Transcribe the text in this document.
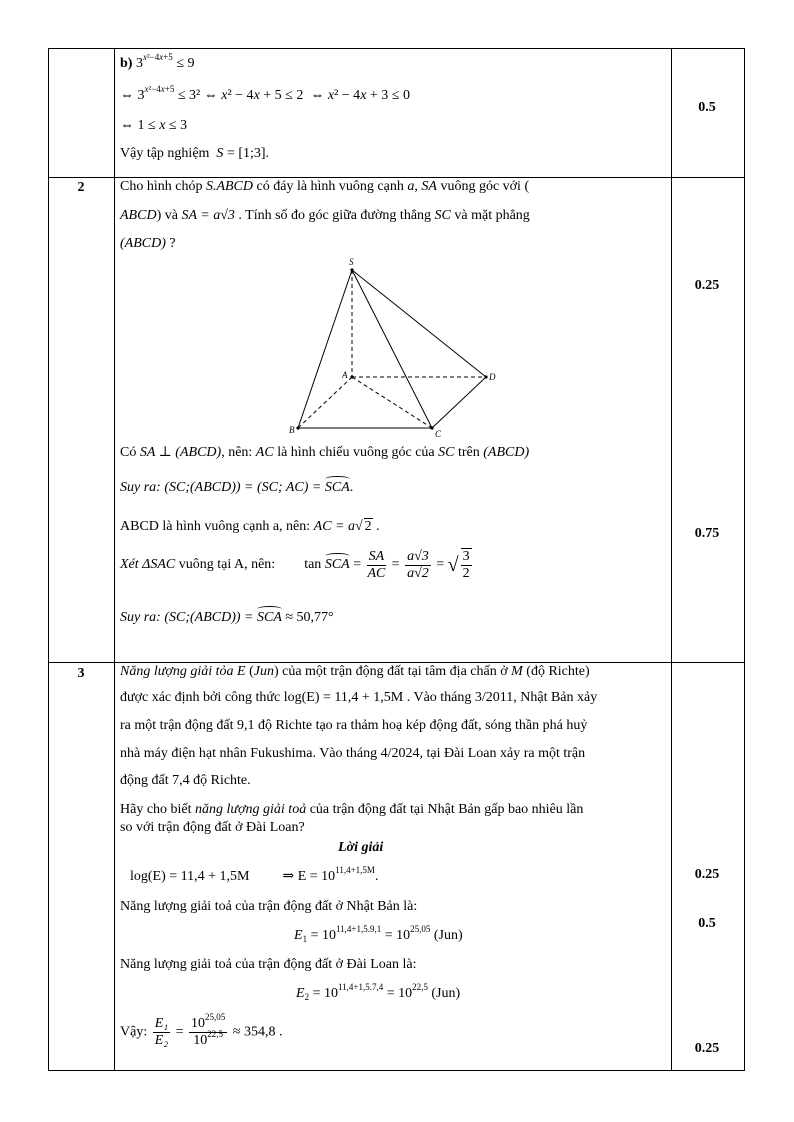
0.5
b) $3^{x^2-4x+5} \le 9$
⇔ $3^{x^2-4x+5} \le 3^2$ ⇔ x² − 4x + 5 ≤ 2  ⇔ x² − 4x + 3 ≤ 0
⇔ 1 ≤ x ≤ 3
Vậy tập nghiệm  S = [1;3].
2
0.25
0.75
Cho hình chóp S.ABCD có đáy là hình vuông cạnh a, SA vuông góc với (
ABCD) và SA = a√3 . Tính số đo góc giữa đường thẳng SC và mặt phẳng
(ABCD) ?
S
A
B	C
D
Có SA ⊥ (ABCD), nên: AC là hình chiếu vuông góc của SC trên (ABCD)
Suy ra: (SC;(ABCD)) = (SC; AC) = SCA.
ABCD là hình vuông cạnh a, nên: AC = a√ 2 .
Xét ΔSAC vuông tại A, nên: tan SCA = $\frac{SA}{AC} = \frac{a√3}{a√2}$ = √ $\frac{3}{2}$
Suy ra: (SC;(ABCD)) = SCA ≈ 50,77°
3
0.25
0.5
0.25
Năng lượng giải tỏa E (Jun) của một trận động đất tại tâm địa chấn ở M (độ Richte)
được xác định bởi công thức log(E) = 11,4 + 1,5M . Vào tháng 3/2011, Nhật Bản xảy
ra một trận động đất 9,1 độ Richte tạo ra thảm hoạ kép động đất, sóng thần phá huỷ
nhà máy điện hạt nhân Fukushima. Vào tháng 4/2024, tại Đài Loan xảy ra một trận
động đất 7,4 độ Richte.
Hãy cho biết năng lượng giải toả của trận động đất tại Nhật Bản gấp bao nhiêu lần
so với trận động đất ở Đài Loan?
Lời giải
log(E) = 11,4 + 1,5M ⇒ $E = 10^{11,4+1,5M}$.
Năng lượng giải toả của trận động đất ở Nhật Bản là:
$E_1 = 10^{11,4+1,5.9,1} = 10^{25,05}$ (Jun)
Năng lượng giải toả của trận động đất ở Đài Loan là:
$E_2 = 10^{11,4+1,5.7,4} = 10^{22,5}$ (Jun)
Vậy: $\frac{\text{E₁}}{\text{E₂}} = \frac{10^{25,05}}{10^{22,5}} \approx 354,8$ .
